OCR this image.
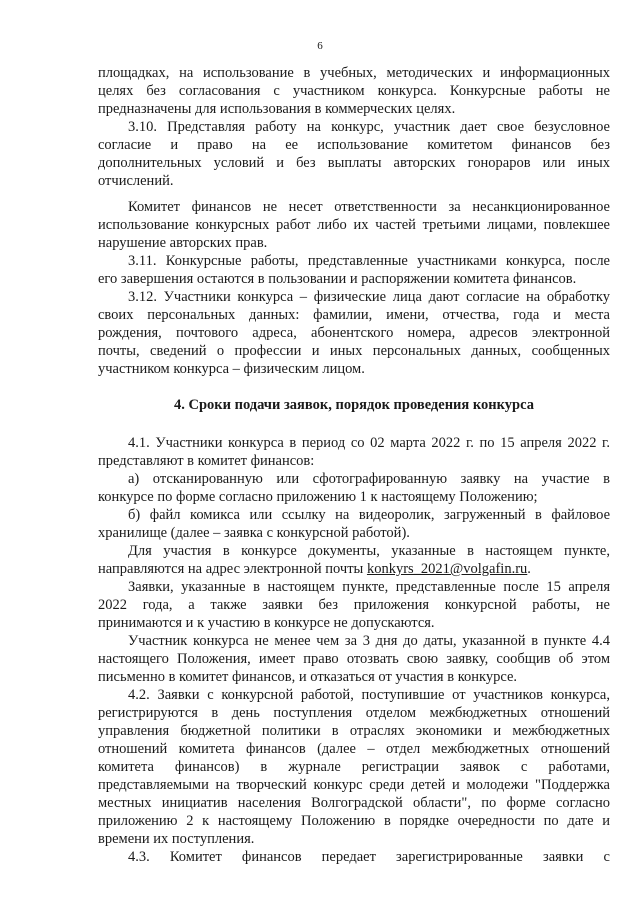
6
площадках, на использование в учебных, методических и информационных
целях без согласования с участником конкурса. Конкурсные работы не
предназначены для использования в коммерческих целях.
3.10. Представляя работу на конкурс, участник дает свое безусловное
согласие и право на ее использование комитетом финансов без
дополнительных условий и без выплаты авторских гонораров или иных
отчислений.
Комитет финансов не несет ответственности за несанкционированное
использование конкурсных работ либо их частей третьими лицами, повлекшее
нарушение авторских прав.
3.11. Конкурсные работы, представленные участниками конкурса, после
его завершения остаются в пользовании и распоряжении комитета финансов.
3.12. Участники конкурса – физические лица дают согласие на обработку
своих персональных данных: фамилии, имени, отчества, года и места
рождения, почтового адреса, абонентского номера, адресов электронной
почты, сведений о профессии и иных персональных данных, сообщенных
участником конкурса – физическим лицом.
4. Сроки подачи заявок, порядок проведения конкурса
4.1. Участники конкурса в период со 02 марта 2022 г. по 15 апреля 2022 г.
представляют в комитет финансов:
а) отсканированную или сфотографированную заявку на участие в
конкурсе по форме согласно приложению 1 к настоящему Положению;
б) файл комикса или ссылку на видеоролик, загруженный в файловое
хранилище (далее – заявка с конкурсной работой).
Для участия в конкурсе документы, указанные в настоящем пункте,
направляются на адрес электронной почты konkyrs_2021@volgafin.ru.
Заявки, указанные в настоящем пункте, представленные после 15 апреля
2022 года, а также заявки без приложения конкурсной работы, не
принимаются и к участию в конкурсе не допускаются.
Участник конкурса не менее чем за 3 дня до даты, указанной в пункте 4.4
настоящего Положения, имеет право отозвать свою заявку, сообщив об этом
письменно в комитет финансов, и отказаться от участия в конкурсе.
4.2. Заявки с конкурсной работой, поступившие от участников конкурса,
регистрируются в день поступления отделом межбюджетных отношений
управления бюджетной политики в отраслях экономики и межбюджетных
отношений комитета финансов (далее – отдел межбюджетных отношений
комитета финансов) в журнале регистрации заявок с работами,
представляемыми на творческий конкурс среди детей и молодежи "Поддержка
местных инициатив населения Волгоградской области", по форме согласно
приложению 2 к настоящему Положению в порядке очередности по дате и
времени их поступления.
4.3. Комитет финансов передает зарегистрированные заявки с
